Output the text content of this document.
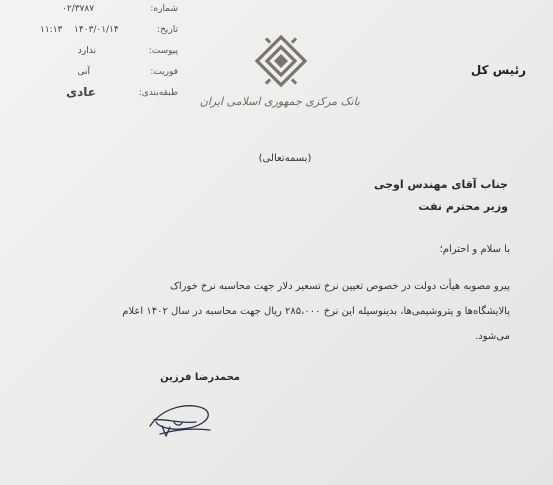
شماره:
تاریخ:
پیوست:
فوریت:
طبقه‌بندی:
۰۲/۳۷۸۷
۱۴۰۳/۰۱/۱۴
۱۱:۱۳
ندارد
آنی
عادی
بانک مرکزی جمهوری اسلامی ایران
رئیس کل
(بسمه‌تعالی)
جناب آقای مهندس اوجی
وزیر محترم نفت
با سلام و احترام؛
پیرو مصوبه هیأت دولت در خصوص تعیین نرخ تسعیر دلار جهت محاسبه نرخ خوراک
پالایشگاه‌ها و پتروشیمی‌ها، بدینوسیله این نرخ ۲۸۵،۰۰۰ ریال جهت محاسبه در سال ۱۴۰۲ اعلام
می‌شود.
محمدرضا فرزین
